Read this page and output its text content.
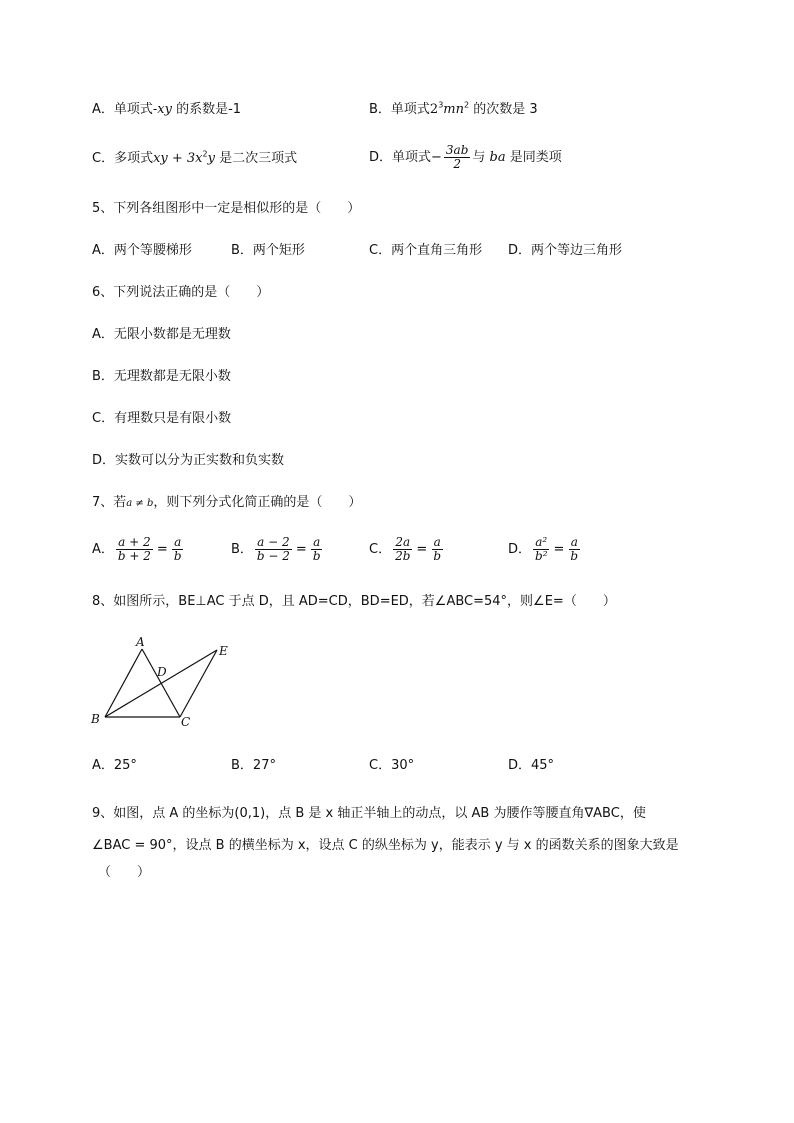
A．单项式-xy 的系数是-1	B．单项式$2^3mn^2$ 的次数是 3
C．多项式xy + $3x^2y$ 是二次三项式	D．单项式− $\frac{3ab}{2}$ 与 ba 是同类项
5、下列各组图形中一定是相似形的是（　　）
A．两个等腰梯形	B．两个矩形	C．两个直角三角形 D．两个等边三角形
6、下列说法正确的是（　　）
A．无限小数都是无理数
B．无理数都是无限小数
C．有理数只是有限小数
D．实数可以分为正实数和负实数
7、若a ≠ b，则下列分式化简正确的是（　　）
A． $\frac{a + 2}{b + 2} = \frac{a}{b}$	B． $\frac{a - 2}{b - 2} = \frac{a}{b}$	C． $\frac{2a}{2b} = \frac{a}{b}$	D． $\frac{\text{a²}}{\text{b²}} = \frac{a}{b}$
8、如图所示，BE⊥AC 于点 D，且 AD=CD，BD=ED，若∠ABC=54°，则∠E=（　　）
A
D
E
B	C
A．25°	B．27°	C．30°	D．45°
9、如图，点 A 的坐标为(0,1)，点 B 是 x 轴正半轴上的动点，以 AB 为腰作等腰直角∇ABC，使
∠BAC = 90°，设点 B 的横坐标为 x，设点 C 的纵坐标为 y，能表示 y 与 x 的函数关系的图象大致是
（　　）
